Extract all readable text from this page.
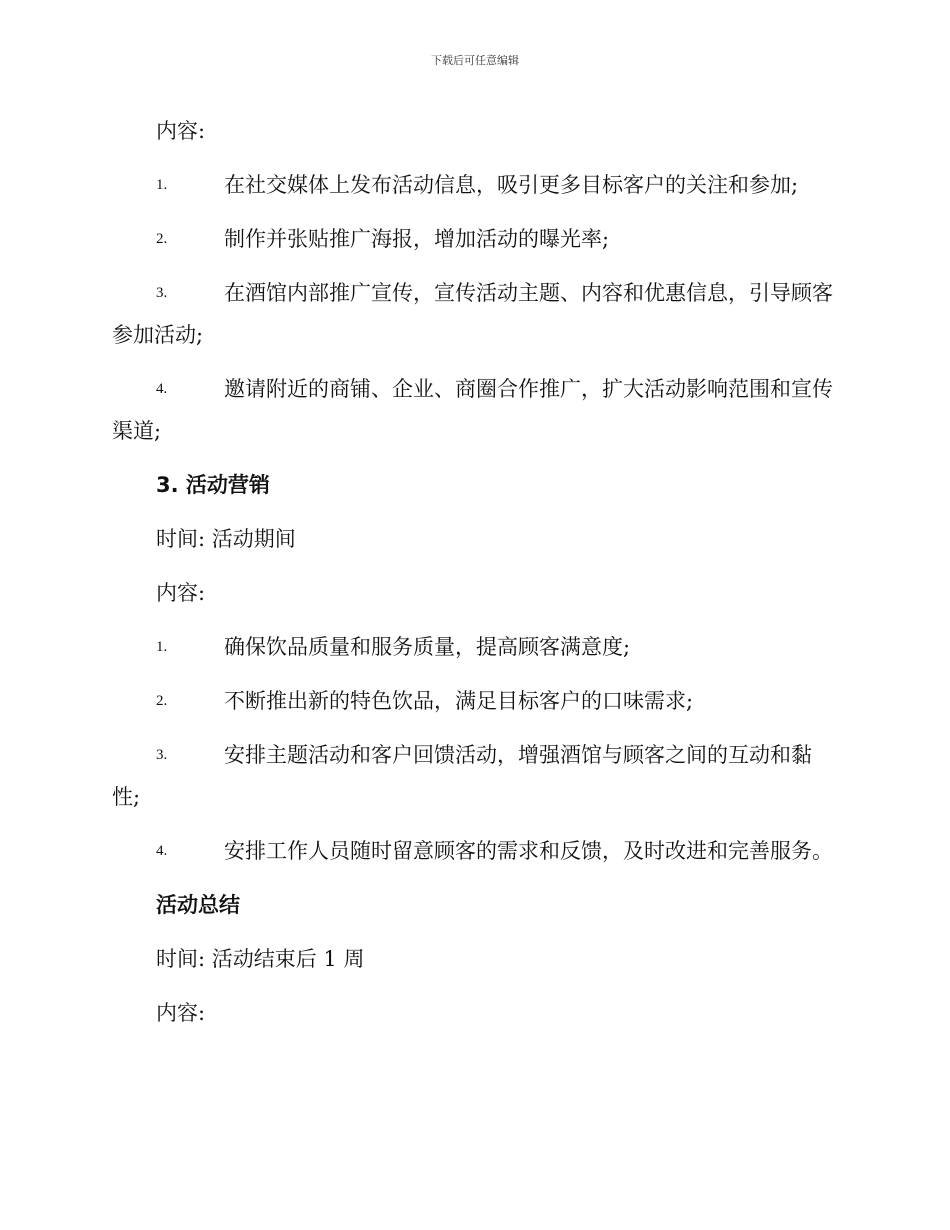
下载后可任意编辑
内容:
1.	在社交媒体上发布活动信息，吸引更多目标客户的关注和参加;
2.	制作并张贴推广海报，增加活动的曝光率;
3.	在酒馆内部推广宣传，宣传活动主题、内容和优惠信息，引导顾客参加活动;
4.	邀请附近的商铺、企业、商圈合作推广，扩大活动影响范围和宣传渠道;
3. 活动营销
时间: 活动期间
内容:
1.	确保饮品质量和服务质量，提高顾客满意度;
2.	不断推出新的特色饮品，满足目标客户的口味需求;
3.	安排主题活动和客户回馈活动，增强酒馆与顾客之间的互动和黏性;
4.	安排工作人员随时留意顾客的需求和反馈，及时改进和完善服务。
活动总结
时间: 活动结束后 1 周
内容:
